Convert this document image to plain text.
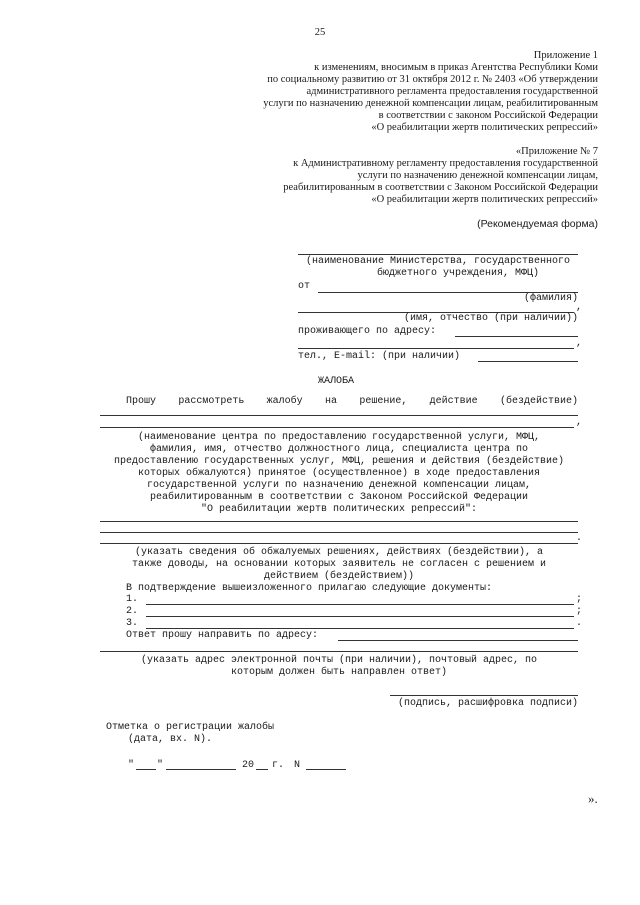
25
Приложение 1
к изменениям, вносимым в приказ Агентства Республики Коми
по социальному развитию от 31 октября 2012 г. № 2403 «Об утверждении
административного регламента предоставления государственной
услуги по назначению денежной компенсации лицам, реабилитированным
в соответствии с законом Российской Федерации
«О реабилитации жертв политических репрессий»
«Приложение № 7
к Административному регламенту предоставления государственной
услуги по назначению денежной компенсации лицам,
реабилитированным в соответствии с Законом Российской Федерации
«О реабилитации жертв политических репрессий»
(Рекомендуемая форма)
(наименование Министерства, государственного
бюджетного учреждения, МФЦ)
от
(фамилия)
,
(имя, отчество (при наличии))
проживающего по адресу:
,
тел., E-mail: (при наличии)
ЖАЛОБА
Прошу рассмотреть жалобу на решение, действие (бездействие)
,
(наименование центра по предоставлению государственной услуги, МФЦ,
фамилия, имя, отчество должностного лица, специалиста центра по
предоставлению государственных услуг, МФЦ, решения и действия (бездействие)
которых обжалуются) принятое (осуществленное) в ходе предоставления
государственной услуги по назначению денежной компенсации лицам,
реабилитированным в соответствии с Законом Российской Федерации
"О реабилитации жертв политических репрессий":
.
(указать сведения об обжалуемых решениях, действиях (бездействии), а
также доводы, на основании которых заявитель не согласен с решением и
действием (бездействием))
В подтверждение вышеизложенного прилагаю следующие документы:
1.	;
2.	;
3.	.
Ответ прошу направить по адресу:
(указать адрес электронной почты (при наличии), почтовый адрес, по
которым должен быть направлен ответ)
(подпись, расшифровка подписи)
Отметка о регистрации жалобы
(дата, вх. N).
" "	20 г. N
».
